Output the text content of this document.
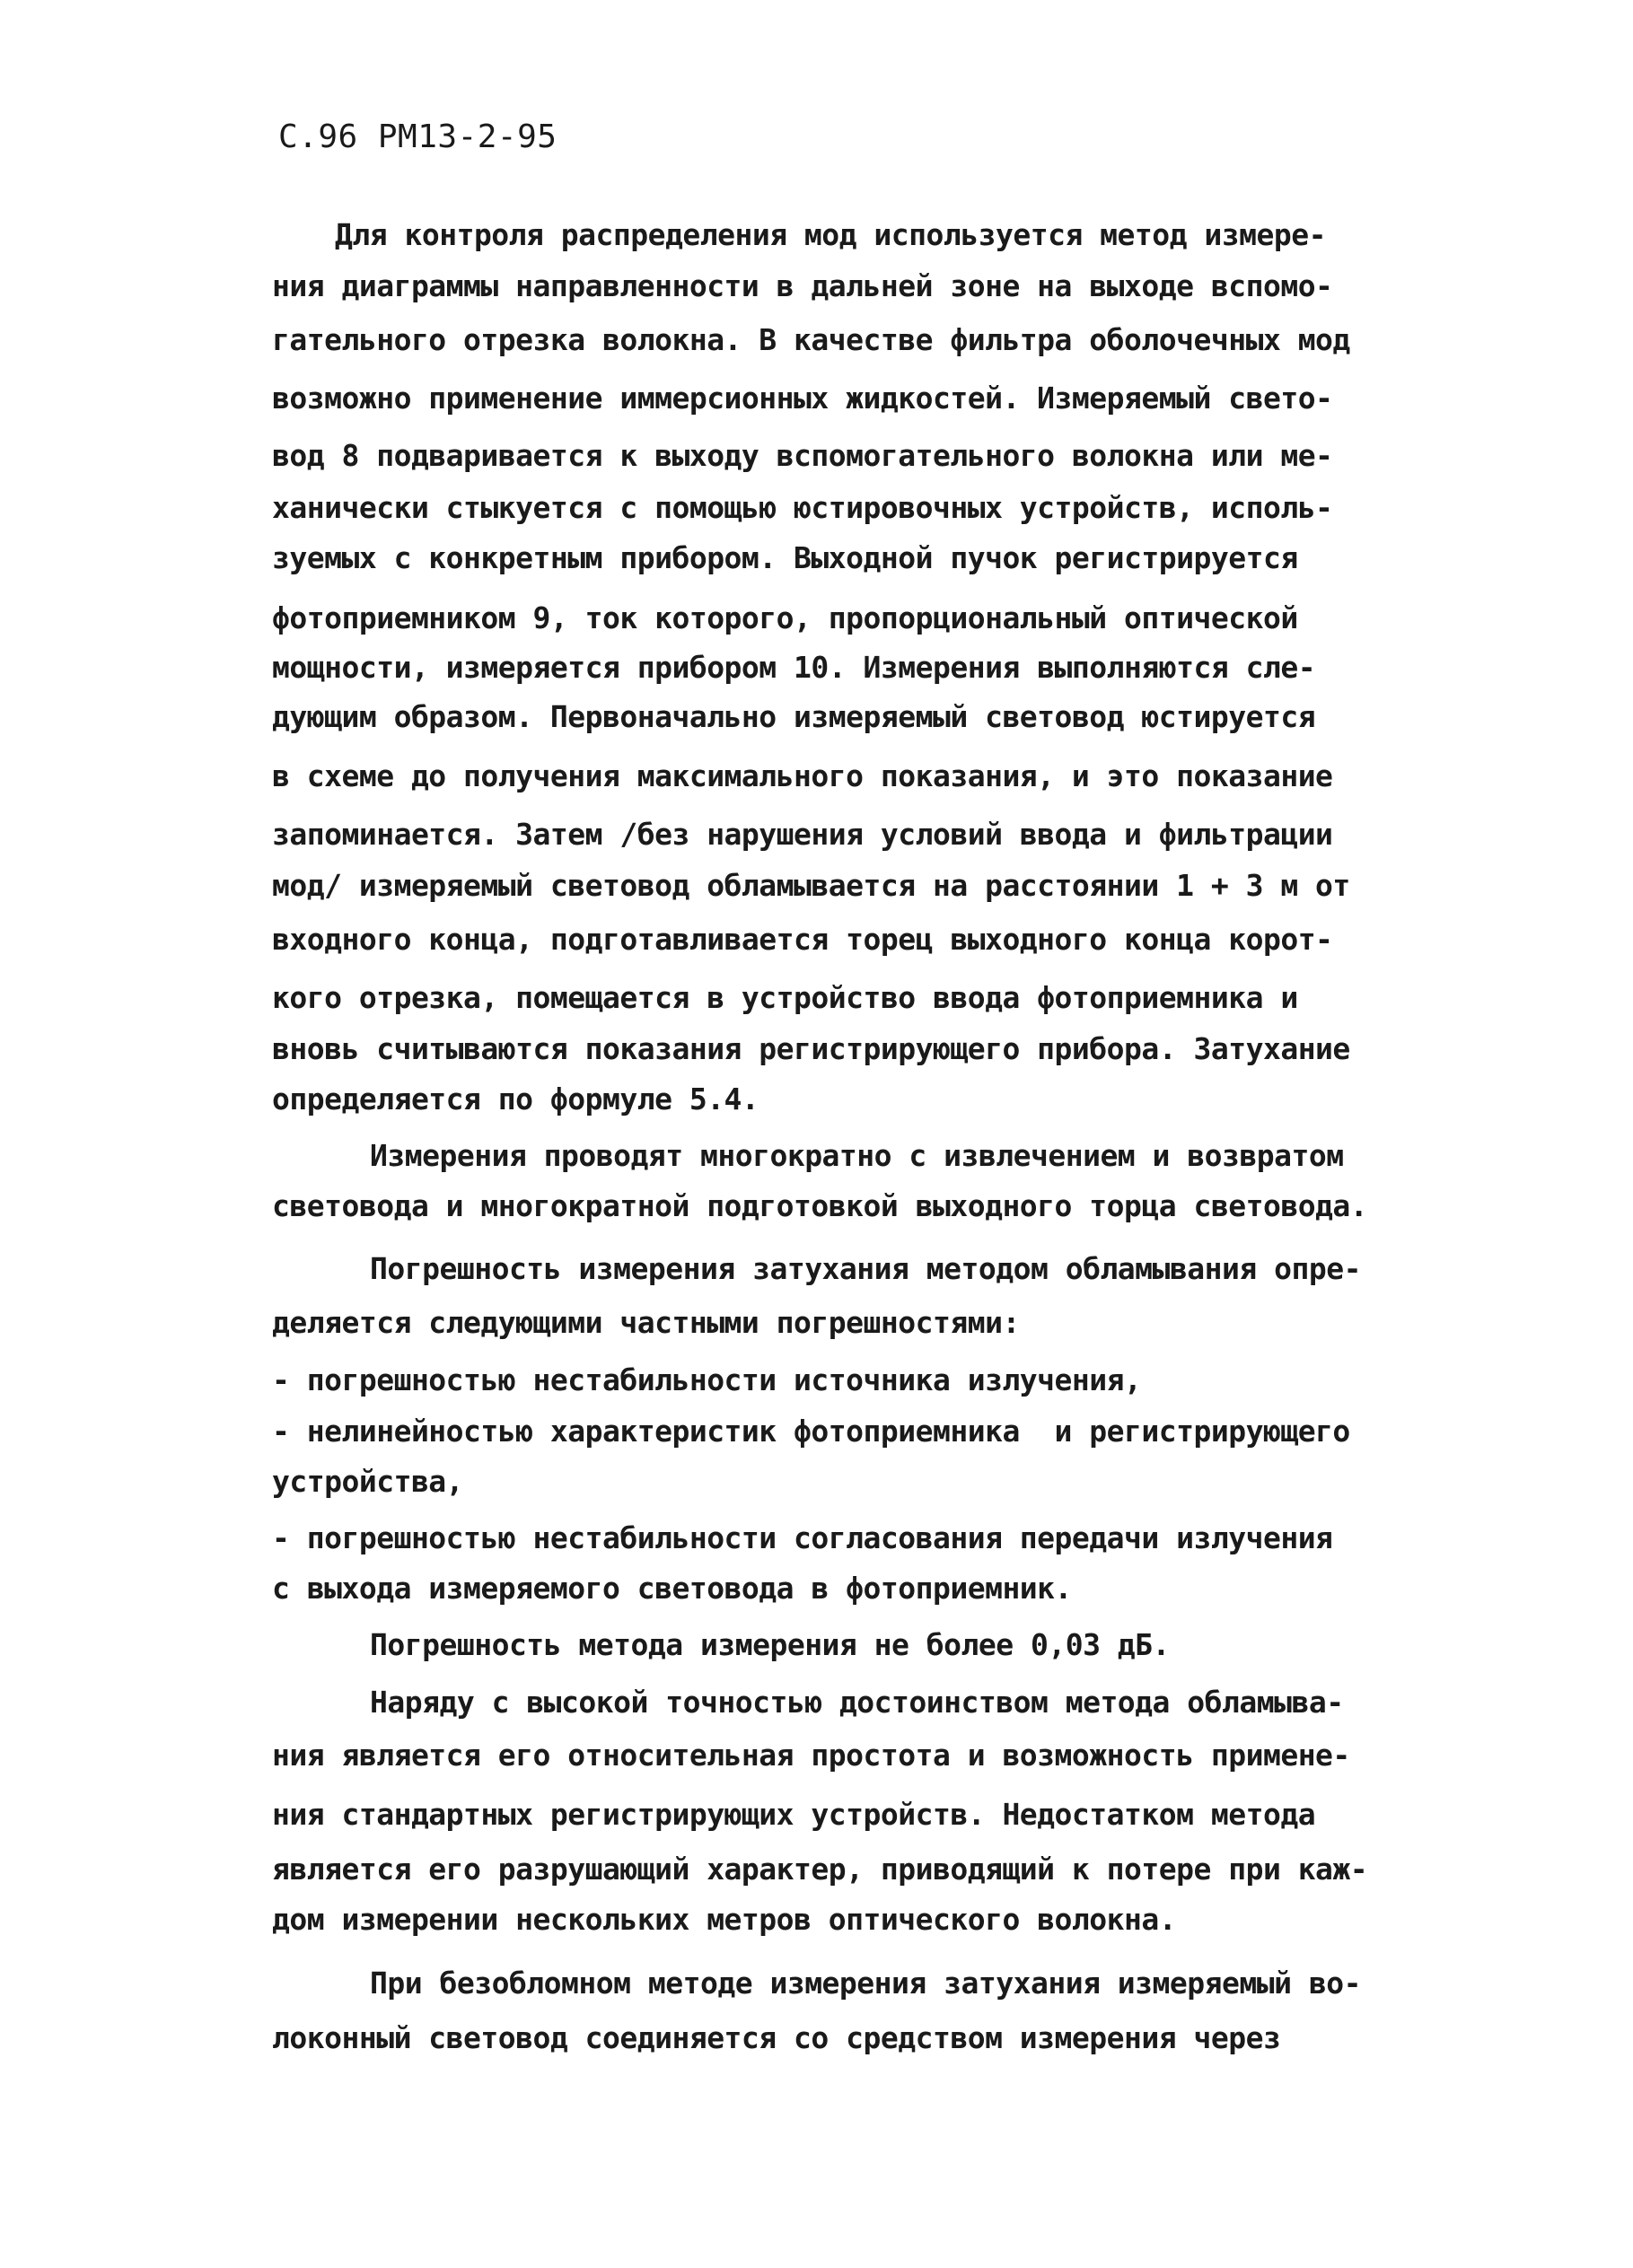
С.96 РМ13-2-95
Для контроля распределения мод используется метод измере-
ния диаграммы направленности в дальней зоне на выходе вспомо-
гательного отрезка волокна. В качестве фильтра оболочечных мод
возможно применение иммерсионных жидкостей. Измеряемый свето-
вод 8 подваривается к выходу вспомогательного волокна или ме-
ханически стыкуется с помощью юстировочных устройств, исполь-
зуемых с конкретным прибором. Выходной пучок регистрируется
фотоприемником 9, ток которого, пропорциональный оптической
мощности, измеряется прибором 10. Измерения выполняются сле-
дующим образом. Первоначально измеряемый световод юстируется
в схеме до получения максимального показания, и это показание
запоминается. Затем /без нарушения условий ввода и фильтрации
мод/ измеряемый световод обламывается на расстоянии 1 + 3 м от
входного конца, подготавливается торец выходного конца корот-
кого отрезка, помещается в устройство ввода фотоприемника и
вновь считываются показания регистрирующего прибора. Затухание
определяется по формуле 5.4.
Измерения проводят многократно с извлечением и возвратом
световода и многократной подготовкой выходного торца световода.
Погрешность измерения затухания методом обламывания опре-
деляется следующими частными погрешностями:
- погрешностью нестабильности источника излучения,
- нелинейностью характеристик фотоприемника  и регистрирующего
устройства,
- погрешностью нестабильности согласования передачи излучения
с выхода измеряемого световода в фотоприемник.
Погрешность метода измерения не более 0,03 дБ.
Наряду с высокой точностью достоинством метода обламыва-
ния является его относительная простота и возможность примене-
ния стандартных регистрирующих устройств. Недостатком метода
является его разрушающий характер, приводящий к потере при каж-
дом измерении нескольких метров оптического волокна.
При безобломном методе измерения затухания измеряемый во-
локонный световод соединяется со средством измерения через
